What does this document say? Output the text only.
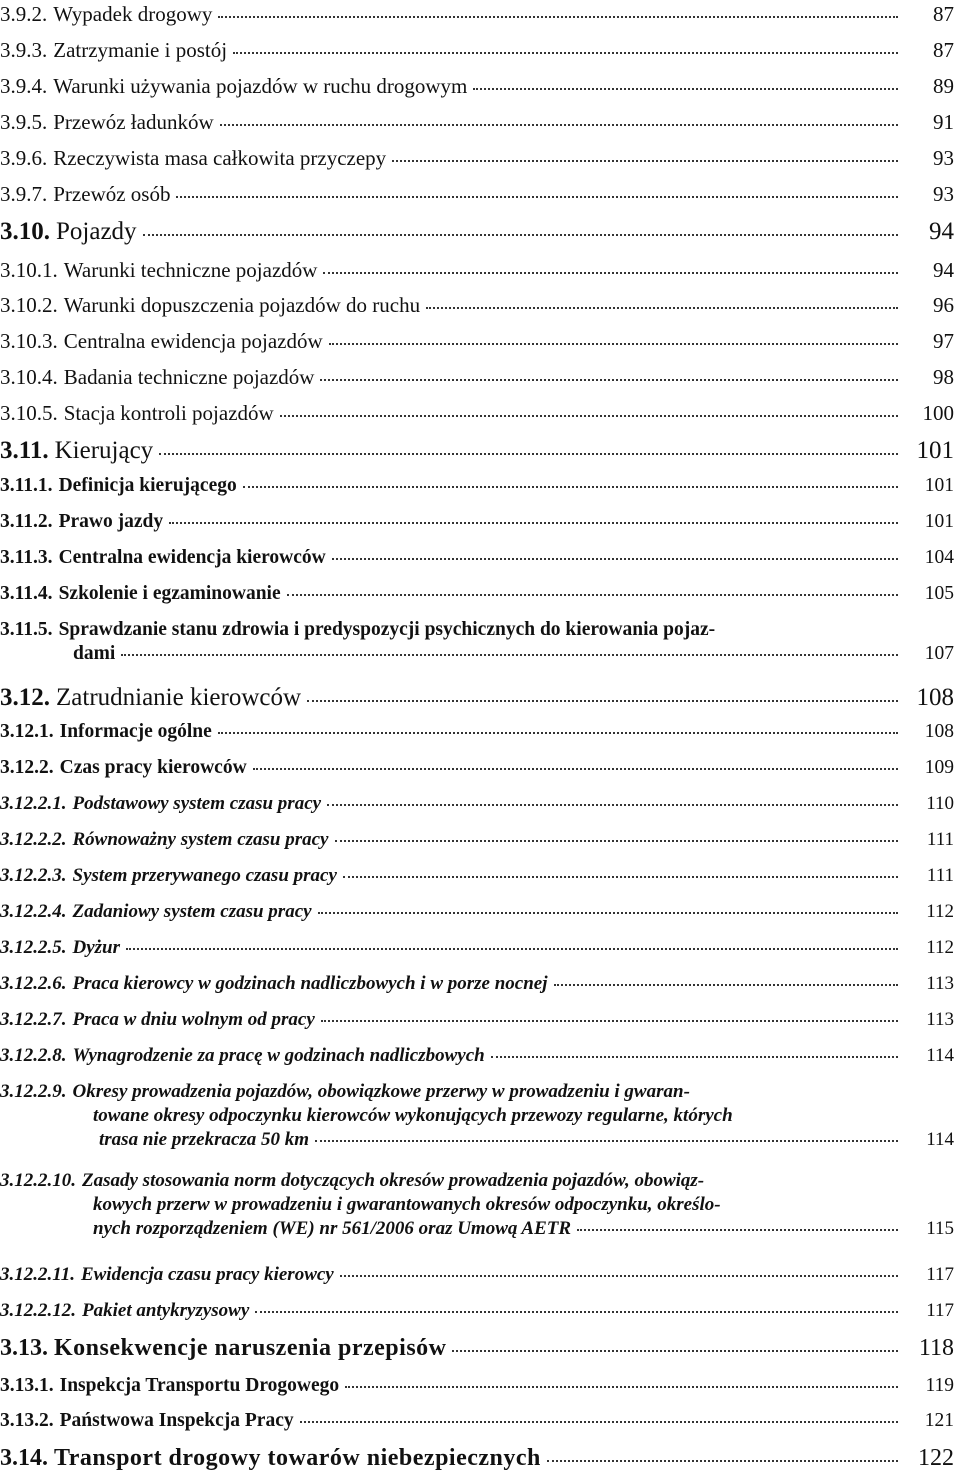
3.9.2. Wypadek drogowy	87
3.9.3. Zatrzymanie i postój	87
3.9.4. Warunki używania pojazdów w ruchu drogowym	89
3.9.5. Przewóz ładunków	91
3.9.6. Rzeczywista masa całkowita przyczepy	93
3.9.7. Przewóz osób	93
3.10. Pojazdy	94
3.10.1. Warunki techniczne pojazdów	94
3.10.2. Warunki dopuszczenia pojazdów do ruchu	96
3.10.3. Centralna ewidencja pojazdów	97
3.10.4. Badania techniczne pojazdów	98
3.10.5. Stacja kontroli pojazdów	100
3.11. Kierujący	101
3.11.1. Definicja kierującego	101
3.11.2. Prawo jazdy	101
3.11.3. Centralna ewidencja kierowców	104
3.11.4. Szkolenie i egzaminowanie	105
3.11.5. Sprawdzanie stanu zdrowia i predyspozycji psychicznych do kierowania pojaz-
dami	107
3.12. Zatrudnianie kierowców	108
3.12.1. Informacje ogólne	108
3.12.2. Czas pracy kierowców	109
3.12.2.1. Podstawowy system czasu pracy	110
3.12.2.2. Równoważny system czasu pracy	111
3.12.2.3. System przerywanego czasu pracy	111
3.12.2.4. Zadaniowy system czasu pracy	112
3.12.2.5. Dyżur	112
3.12.2.6. Praca kierowcy w godzinach nadliczbowych i w porze nocnej	113
3.12.2.7. Praca w dniu wolnym od pracy	113
3.12.2.8. Wynagrodzenie za pracę w godzinach nadliczbowych	114
3.12.2.9. Okresy prowadzenia pojazdów, obowiązkowe przerwy w prowadzeniu i gwaran-
towane okresy odpoczynku kierowców wykonujących przewozy regularne, których
trasa nie przekracza 50 km	114
3.12.2.10. Zasady stosowania norm dotyczących okresów prowadzenia pojazdów, obowiąz-
kowych przerw w prowadzeniu i gwarantowanych okresów odpoczynku, określo-
nych rozporządzeniem (WE) nr 561/2006 oraz Umową AETR	115
3.12.2.11. Ewidencja czasu pracy kierowcy	117
3.12.2.12. Pakiet antykryzysowy	117
3.13. Konsekwencje naruszenia przepisów	118
3.13.1. Inspekcja Transportu Drogowego	119
3.13.2. Państwowa Inspekcja Pracy	121
3.14. Transport drogowy towarów niebezpiecznych	122
